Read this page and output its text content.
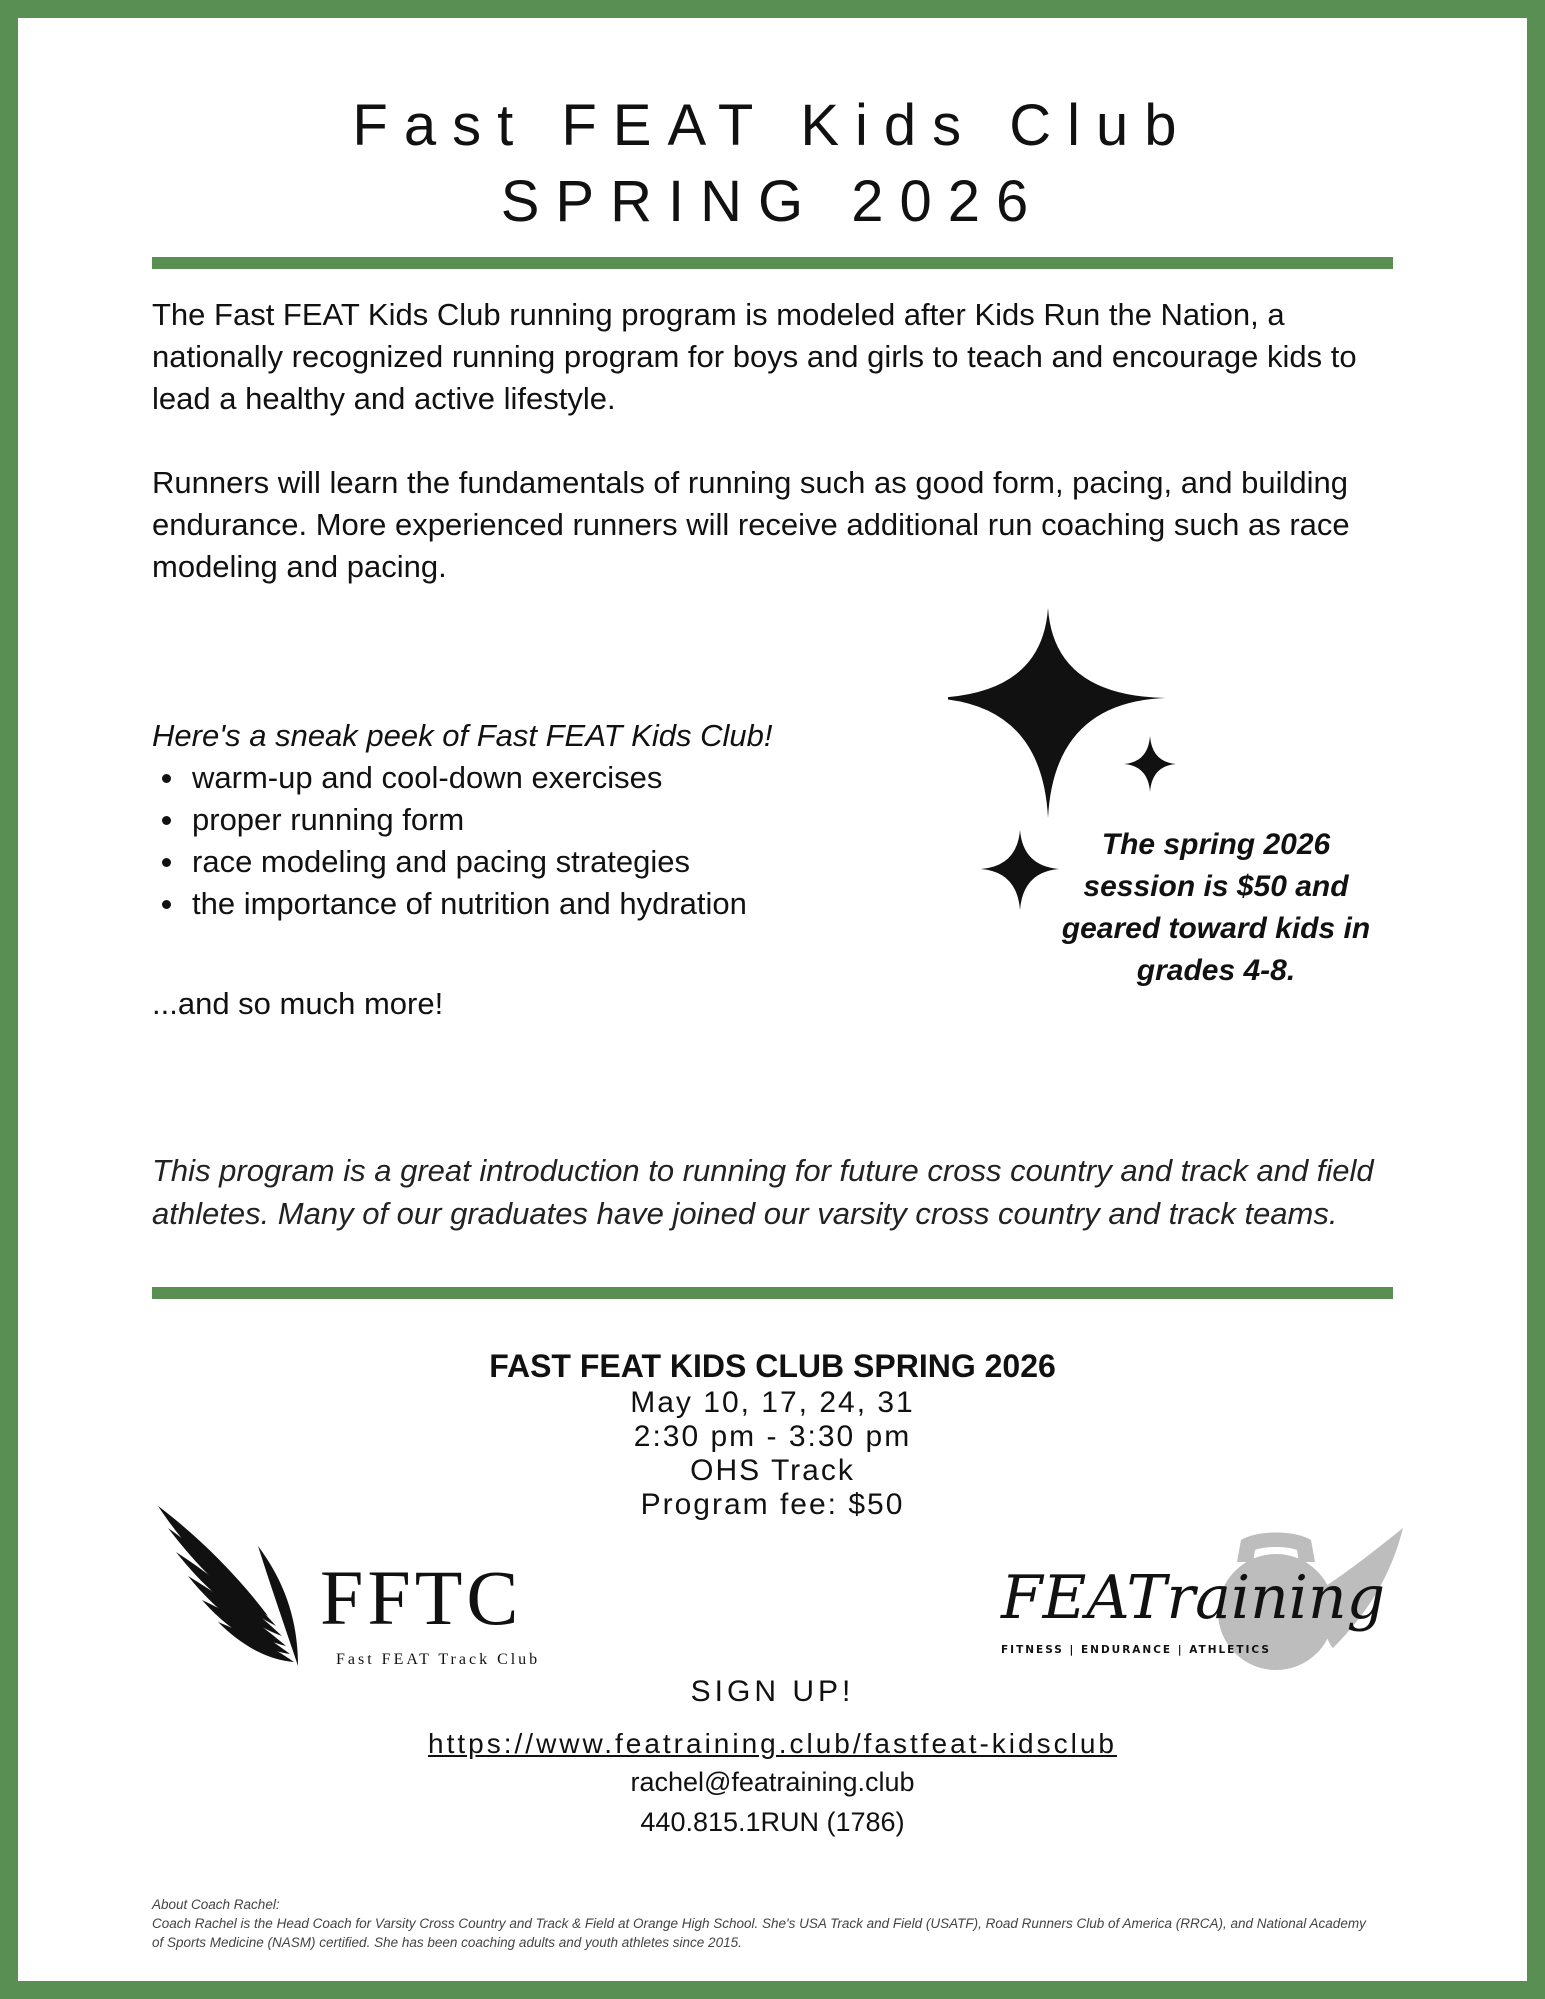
Fast FEAT Kids Club
SPRING 2026

The Fast FEAT Kids Club running program is modeled after Kids Run the Nation, a nationally recognized running program for boys and girls to teach and encourage kids to lead a healthy and active lifestyle.

Runners will learn the fundamentals of running such as good form, pacing, and building endurance. More experienced runners will receive additional run coaching such as race modeling and pacing.

Here's a sneak peek of Fast FEAT Kids Club!
warm-up and cool-down exercises
proper running form
race modeling and pacing strategies
the importance of nutrition and hydration
...and so much more!
The spring 2026 session is $50 and geared toward kids in grades 4-8.
This program is a great introduction to running for future cross country and track and field athletes. Many of our graduates have joined our varsity cross country and track teams.
FAST FEAT KIDS CLUB SPRING 2026
May 10, 17, 24, 31
2:30 pm - 3:30 pm
OHS Track
Program fee: $50
FFTC
Fast FEAT Track Club
FEATraining
FITNESS | ENDURANCE | ATHLETICS
SIGN UP!
https://www.featraining.club/fastfeat-kidsclub
rachel@featraining.club
440.815.1RUN (1786)
About Coach Rachel:
Coach Rachel is the Head Coach for Varsity Cross Country and Track & Field at Orange High School. She's USA Track and Field (USATF), Road Runners Club of America (RRCA), and National Academy of Sports Medicine (NASM) certified. She has been coaching adults and youth athletes since 2015.
